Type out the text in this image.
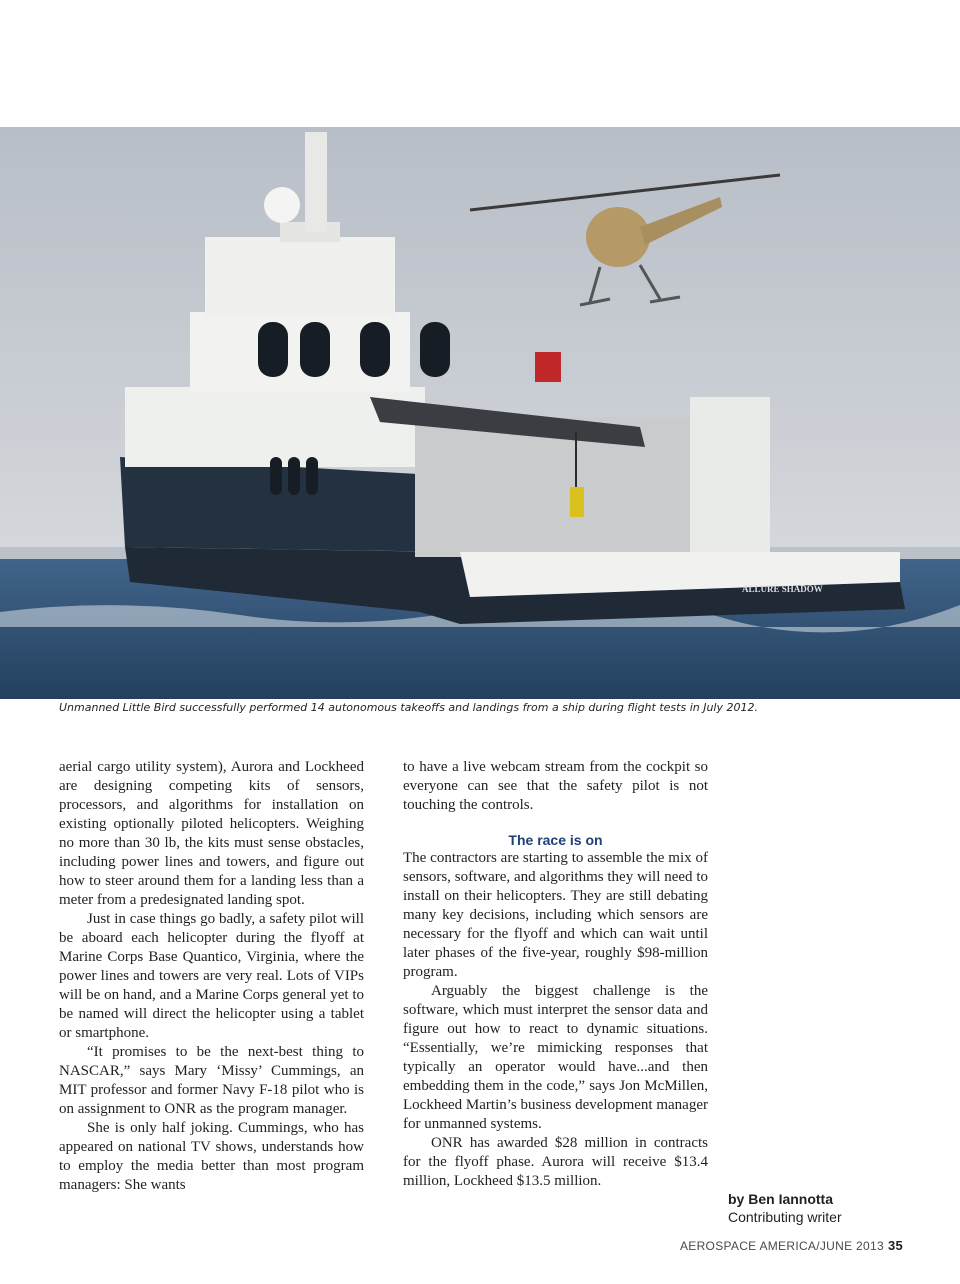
ALLURE SHADOW
Unmanned Little Bird successfully performed 14 autonomous takeoffs and landings from a ship during flight tests in July 2012.

aerial cargo utility system), Aurora and Lockheed are designing competing kits of sensors, processors, and algorithms for installation on existing optionally piloted helicopters. Weighing no more than 30 lb, the kits must sense obstacles, including power lines and towers, and figure out how to steer around them for a landing less than a meter from a predesignated landing spot.

Just in case things go badly, a safety pilot will be aboard each helicopter during the flyoff at Marine Corps Base Quantico, Virginia, where the power lines and towers are very real. Lots of VIPs will be on hand, and a Marine Corps general yet to be named will direct the helicopter using a tablet or smartphone.

“It promises to be the next-best thing to NASCAR,” says Mary ‘Missy’ Cummings, an MIT professor and former Navy F-18 pilot who is on assignment to ONR as the program manager.

She is only half joking. Cummings, who has appeared on national TV shows, understands how to employ the media better than most program managers: She wants

to have a live webcam stream from the cockpit so everyone can see that the safety pilot is not touching the controls.

The race is on

The contractors are starting to assemble the mix of sensors, software, and algorithms they will need to install on their helicopters. They are still debating many key decisions, including which sensors are necessary for the flyoff and which can wait until later phases of the five-year, roughly $98-million program.

Arguably the biggest challenge is the software, which must interpret the sensor data and figure out how to react to dynamic situations. “Essentially, we’re mimicking responses that typically an operator would have...and then embedding them in the code,” says Jon McMillen, Lockheed Martin’s business development manager for unmanned systems.

ONR has awarded $28 million in contracts for the flyoff phase. Aurora will receive $13.4 million, Lockheed $13.5 million.

by Ben Iannotta
Contributing writer
AEROSPACE AMERICA/JUNE 2013 35
